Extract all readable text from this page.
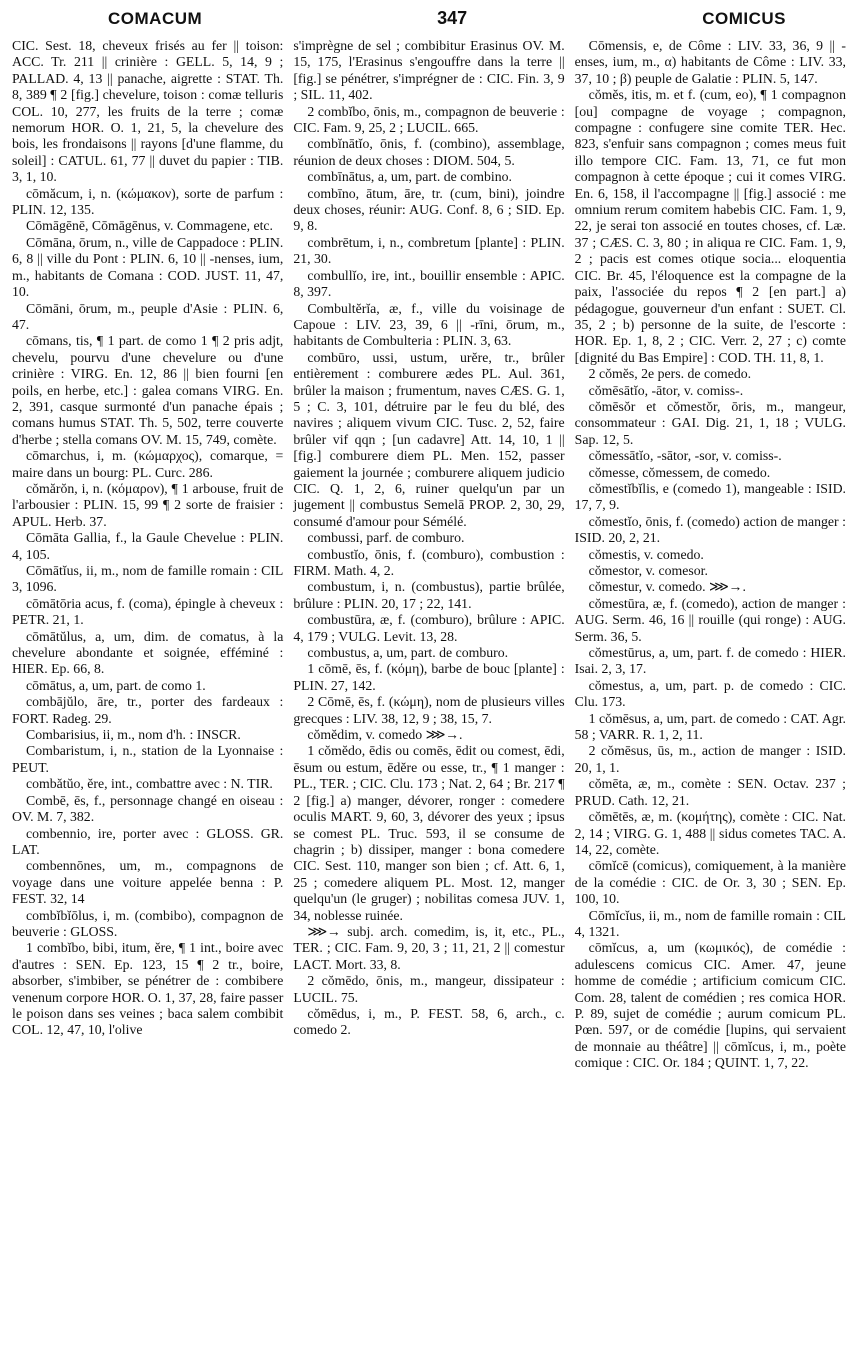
COMACUM	347	COMICUS

CIC. Sest. 18, cheveux frisés au fer || toison: ACC. Tr. 211 || crinière : GELL. 5, 14, 9 ; PALLAD. 4, 13 || panache, aigrette : STAT. Th. 8, 389 ¶ 2 [fig.] chevelure, toison : comæ telluris COL. 10, 277, les fruits de la terre ; comæ nemorum HOR. O. 1, 21, 5, la chevelure des bois, les frondaisons || rayons [d'une flamme, du soleil] : CATUL. 61, 77 || duvet du papier : TIB. 3, 1, 10.

cōmăcum, i, n. (κώμακον), sorte de parfum : PLIN. 12, 135.

Cōmāgēnē, Cōmāgēnus, v. Commagene, etc.

Cōmāna, ōrum, n., ville de Cappadoce : PLIN. 6, 8 || ville du Pont : PLIN. 6, 10 || -nenses, ium, m., habitants de Comana : COD. JUST. 11, 47, 10.

Cōmāni, ōrum, m., peuple d'Asie : PLIN. 6, 47.

cōmans, tis, ¶ 1 part. de como 1 ¶ 2 pris adjt, chevelu, pourvu d'une chevelure ou d'une crinière : VIRG. En. 12, 86 || bien fourni [en poils, en herbe, etc.] : galea comans VIRG. En. 2, 391, casque surmonté d'un panache épais ; comans humus STAT. Th. 5, 502, terre couverte d'herbe ; stella comans OV. M. 15, 749, comète.

cōmarchus, i, m. (κώμαρχος), comarque, = maire dans un bourg: PL. Curc. 286.

cŏmărŏn, i, n. (κόμαρον), ¶ 1 arbouse, fruit de l'arbousier : PLIN. 15, 99 ¶ 2 sorte de fraisier : APUL. Herb. 37.

Cōmāta Gallia, f., la Gaule Chevelue : PLIN. 4, 105.

Cōmātĭus, ii, m., nom de famille romain : CIL 3, 1096.

cōmātōria acus, f. (coma), épingle à cheveux : PETR. 21, 1.

cōmātŭlus, a, um, dim. de comatus, à la chevelure abondante et soignée, efféminé : HIER. Ep. 66, 8.

cōmātus, a, um, part. de como 1.

combājŭlo, āre, tr., porter des fardeaux : FORT. Radeg. 29.

Combarisius, ii, m., nom d'h. : INSCR.

Combaristum, i, n., station de la Lyonnaise : PEUT.

combătŭo, ĕre, int., combattre avec : N. TIR.

Combē, ēs, f., personnage changé en oiseau : OV. M. 7, 382.

combennio, ire, porter avec : GLOSS. GR. LAT.

combennōnes, um, m., compagnons de voyage dans une voiture appelée benna : P. FEST. 32, 14

combĭbĭōlus, i, m. (combibo), compagnon de beuverie : GLOSS.

1 combĭbo, bibi, itum, ĕre, ¶ 1 int., boire avec d'autres : SEN. Ep. 123, 15 ¶ 2 tr., boire, absorber, s'imbiber, se pénétrer de : combibere venenum corpore HOR. O. 1, 37, 28, faire passer le poison dans ses veines ; baca salem combibit COL. 12, 47, 10, l'olive

s'imprègne de sel ; combibitur Erasinus OV. M. 15, 175, l'Erasinus s'engouffre dans la terre || [fig.] se pénétrer, s'imprégner de : CIC. Fin. 3, 9 ; SIL. 11, 402.

2 combĭbo, ōnis, m., compagnon de beuverie : CIC. Fam. 9, 25, 2 ; LUCIL. 665.

combĭnātĭo, ōnis, f. (combino), assemblage, réunion de deux choses : DIOM. 504, 5.

combīnātus, a, um, part. de combino.

combīno, ātum, āre, tr. (cum, bini), joindre deux choses, réunir: AUG. Conf. 8, 6 ; SID. Ep. 9, 8.

combrētum, i, n., combretum [plante] : PLIN. 21, 30.

combullĭo, ire, int., bouillir ensemble : APIC. 8, 397.

Combultĕrĭa, æ, f., ville du voisinage de Capoue : LIV. 23, 39, 6 || -rīni, ōrum, m., habitants de Combulteria : PLIN. 3, 63.

combūro, ussi, ustum, urĕre, tr., brûler entièrement : comburere ædes PL. Aul. 361, brûler la maison ; frumentum, naves CÆS. G. 1, 5 ; C. 3, 101, détruire par le feu du blé, des navires ; aliquem vivum CIC. Tusc. 2, 52, faire brûler vif qqn ; [un cadavre] Att. 14, 10, 1 || [fig.] comburere diem PL. Men. 152, passer gaiement la journée ; comburere aliquem judicio CIC. Q. 1, 2, 6, ruiner quelqu'un par un jugement || combustus Semelā PROP. 2, 30, 29, consumé d'amour pour Sémélé.

combussi, parf. de comburo.

combustĭo, ōnis, f. (comburo), combustion : FIRM. Math. 4, 2.

combustum, i, n. (combustus), partie brûlée, brûlure : PLIN. 20, 17 ; 22, 141.

combustūra, æ, f. (comburo), brûlure : APIC. 4, 179 ; VULG. Levit. 13, 28.

combustus, a, um, part. de comburo.

1 cōmē, ēs, f. (κόμη), barbe de bouc [plante] : PLIN. 27, 142.

2 Cōmē, ēs, f. (κώμη), nom de plusieurs villes grecques : LIV. 38, 12, 9 ; 38, 15, 7.

cŏmĕdim, v. comedo ⋙→.

1 cŏmĕdo, ēdis ou comēs, ēdit ou comest, ēdi, ēsum ou estum, ēdĕre ou esse, tr., ¶ 1 manger : PL., TER. ; CIC. Clu. 173 ; Nat. 2, 64 ; Br. 217 ¶ 2 [fig.] a) manger, dévorer, ronger : comedere oculis MART. 9, 60, 3, dévorer des yeux ; ipsus se comest PL. Truc. 593, il se consume de chagrin ; b) dissiper, manger : bona comedere CIC. Sest. 110, manger son bien ; cf. Att. 6, 1, 25 ; comedere aliquem PL. Most. 12, manger quelqu'un (le gruger) ; nobilitas comesa JUV. 1, 34, noblesse ruinée.

⋙→ subj. arch. comedim, is, it, etc., PL., TER. ; CIC. Fam. 9, 20, 3 ; 11, 21, 2 || comestur LACT. Mort. 33, 8.

2 cŏmēdo, ōnis, m., mangeur, dissipateur : LUCIL. 75.

cŏmēdus, i, m., P. FEST. 58, 6, arch., c. comedo 2.

Cōmensis, e, de Côme : LIV. 33, 36, 9 || -enses, ium, m., α) habitants de Côme : LIV. 33, 37, 10 ; β) peuple de Galatie : PLIN. 5, 147.

cŏmĕs, itis, m. et f. (cum, eo), ¶ 1 compagnon [ou] compagne de voyage ; compagnon, compagne : confugere sine comite TER. Hec. 823, s'enfuir sans compagnon ; comes meus fuit illo tempore CIC. Fam. 13, 71, ce fut mon compagnon à cette époque ; cui it comes VIRG. En. 6, 158, il l'accompagne || [fig.] associé : me omnium rerum comitem habebis CIC. Fam. 1, 9, 22, je serai ton associé en toutes choses, cf. Læ. 37 ; CÆS. C. 3, 80 ; in aliqua re CIC. Fam. 1, 9, 2 ; pacis est comes otique socia... eloquentia CIC. Br. 45, l'éloquence est la compagne de la paix, l'associée du repos ¶ 2 [en part.] a) pédagogue, gouverneur d'un enfant : SUET. Cl. 35, 2 ; b) personne de la suite, de l'escorte : HOR. Ep. 1, 8, 2 ; CIC. Verr. 2, 27 ; c) comte [dignité du Bas Empire] : COD. TH. 11, 8, 1.

2 cŏmĕs, 2e pers. de comedo.

cŏmēsātĭo, -ātor, v. comiss-.

cŏmēsŏr et cŏmestŏr, ōris, m., mangeur, consommateur : GAI. Dig. 21, 1, 18 ; VULG. Sap. 12, 5.

cŏmessātĭo, -sātor, -sor, v. comiss-.

cŏmesse, cŏmessem, de comedo.

cŏmestĭbĭlis, e (comedo 1), mangeable : ISID. 17, 7, 9.

cŏmestĭo, ōnis, f. (comedo) action de manger : ISID. 20, 2, 21.

cŏmestis, v. comedo.

cŏmestor, v. comesor.

cŏmestur, v. comedo. ⋙→.

cŏmestūra, æ, f. (comedo), action de manger : AUG. Serm. 46, 16 || rouille (qui ronge) : AUG. Serm. 36, 5.

cŏmestūrus, a, um, part. f. de comedo : HIER. Isai. 2, 3, 17.

cŏmestus, a, um, part. p. de comedo : CIC. Clu. 173.

1 cŏmēsus, a, um, part. de comedo : CAT. Agr. 58 ; VARR. R. 1, 2, 11.

2 cŏmēsus, ūs, m., action de manger : ISID. 20, 1, 1.

cŏmēta, æ, m., comète : SEN. Octav. 237 ; PRUD. Cath. 12, 21.

cŏmētēs, æ, m. (κομήτης), comète : CIC. Nat. 2, 14 ; VIRG. G. 1, 488 || sidus cometes TAC. A. 14, 22, comète.

cōmĭcē (comicus), comiquement, à la manière de la comédie : CIC. de Or. 3, 30 ; SEN. Ep. 100, 10.

Cōmĭcĭus, ii, m., nom de famille romain : CIL 4, 1321.

cōmĭcus, a, um (κωμικός), de comédie : adulescens comicus CIC. Amer. 47, jeune homme de comédie ; artificium comicum CIC. Com. 28, talent de comédien ; res comica HOR. P. 89, sujet de comédie ; aurum comicum PL. Pœn. 597, or de comédie [lupins, qui servaient de monnaie au théâtre] || cōmĭcus, i, m., poète comique : CIC. Or. 184 ; QUINT. 1, 7, 22.
